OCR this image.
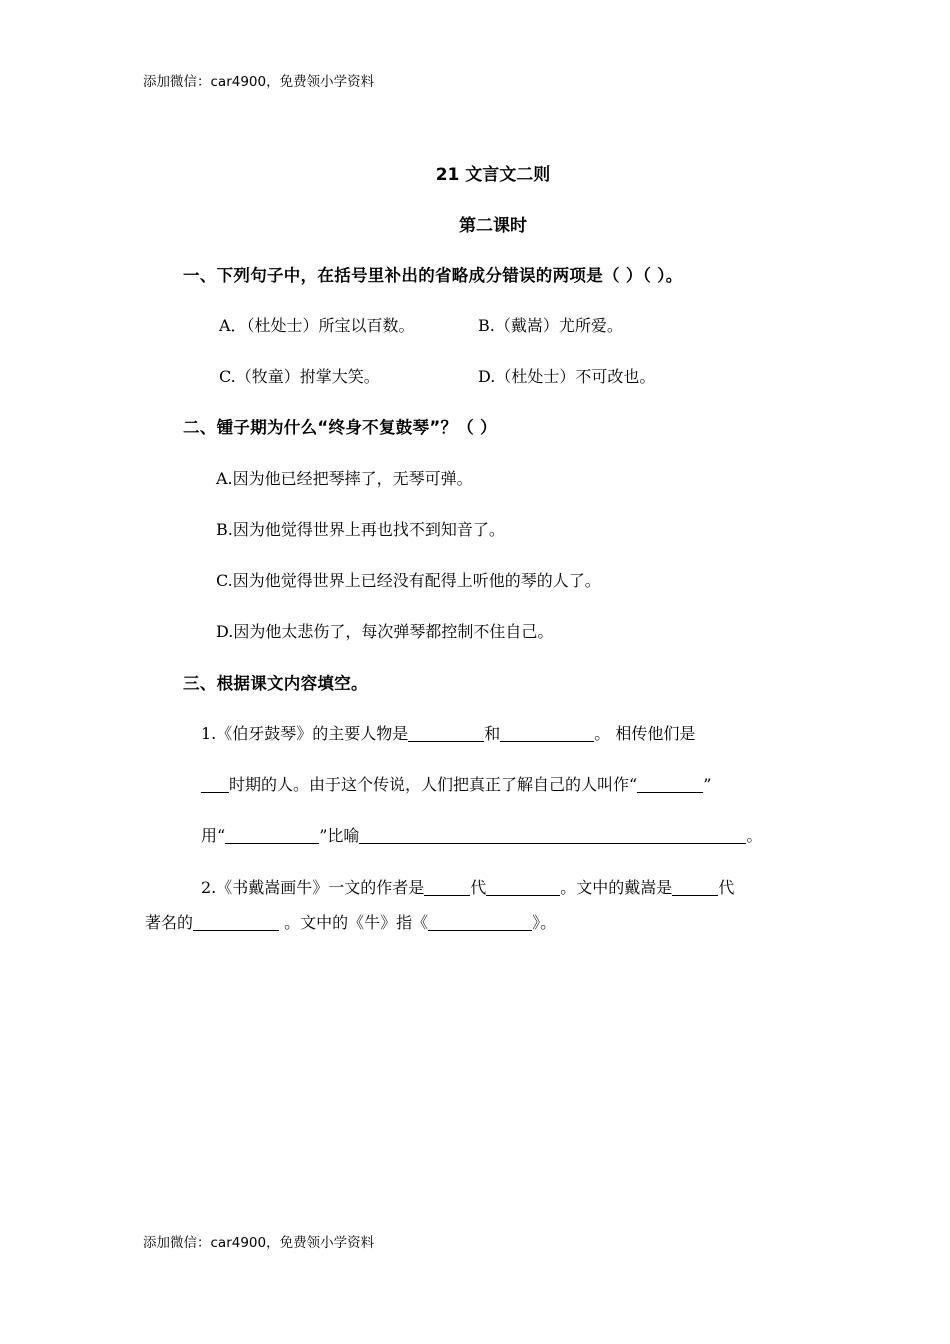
添加微信：car4900，免费领小学资料
21 文言文二则
第二课时
一、下列句子中，在括号里补出的省略成分错误的两项是（ ）（ ）。
A．（杜处士）所宝以百数。	B.（戴嵩）尤所爱。
C.（牧童）拊掌大笑。	D.（杜处士）不可改也。
二、锺子期为什么“终身不复鼓琴”？（ ）
A.因为他已经把琴摔了，无琴可弹。
B.因为他觉得世界上再也找不到知音了。
C.因为他觉得世界上已经没有配得上听他的琴的人了。
D.因为他太悲伤了，每次弹琴都控制不住自己。
三、根据课文内容填空。
1.《伯牙鼓琴》的主要人物是	和	。 相传他们是
时期的人。由于这个传说，人们把真正了解自己的人叫作“	”
用“	”比喻	。
2.《书戴嵩画牛》一文的作者是	代	。文中的戴嵩是	代
著名的	。文中的《牛》指《	》。
添加微信：car4900，免费领小学资料
